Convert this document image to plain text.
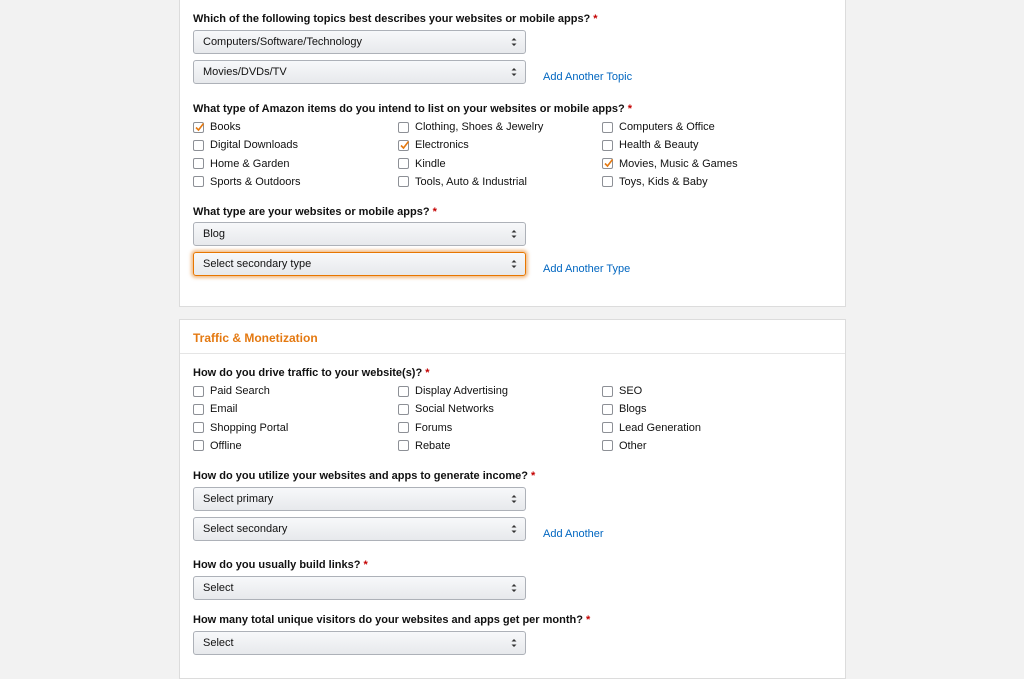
Traffic & Monetization
Which of the following topics best describes your websites or mobile apps? *
Computers/Software/Technology
Movies/DVDs/TV	Add Another Topic
What type of Amazon items do you intend to list on your websites or mobile apps? *
Books	Clothing, Shoes & Jewelry	Computers & Office
Digital Downloads	Electronics	Health & Beauty
Home & Garden	Kindle	Movies, Music & Games
Sports & Outdoors	Tools, Auto & Industrial	Toys, Kids & Baby
What type are your websites or mobile apps? *
Blog
Select secondary type	Add Another Type
How do you drive traffic to your website(s)? *
Paid Search	Display Advertising	SEO
Email	Social Networks	Blogs
Shopping Portal	Forums	Lead Generation
Offline	Rebate	Other
How do you utilize your websites and apps to generate income? *
Select primary
Select secondary	Add Another
How do you usually build links? *
Select
How many total unique visitors do your websites and apps get per month? *
Select
